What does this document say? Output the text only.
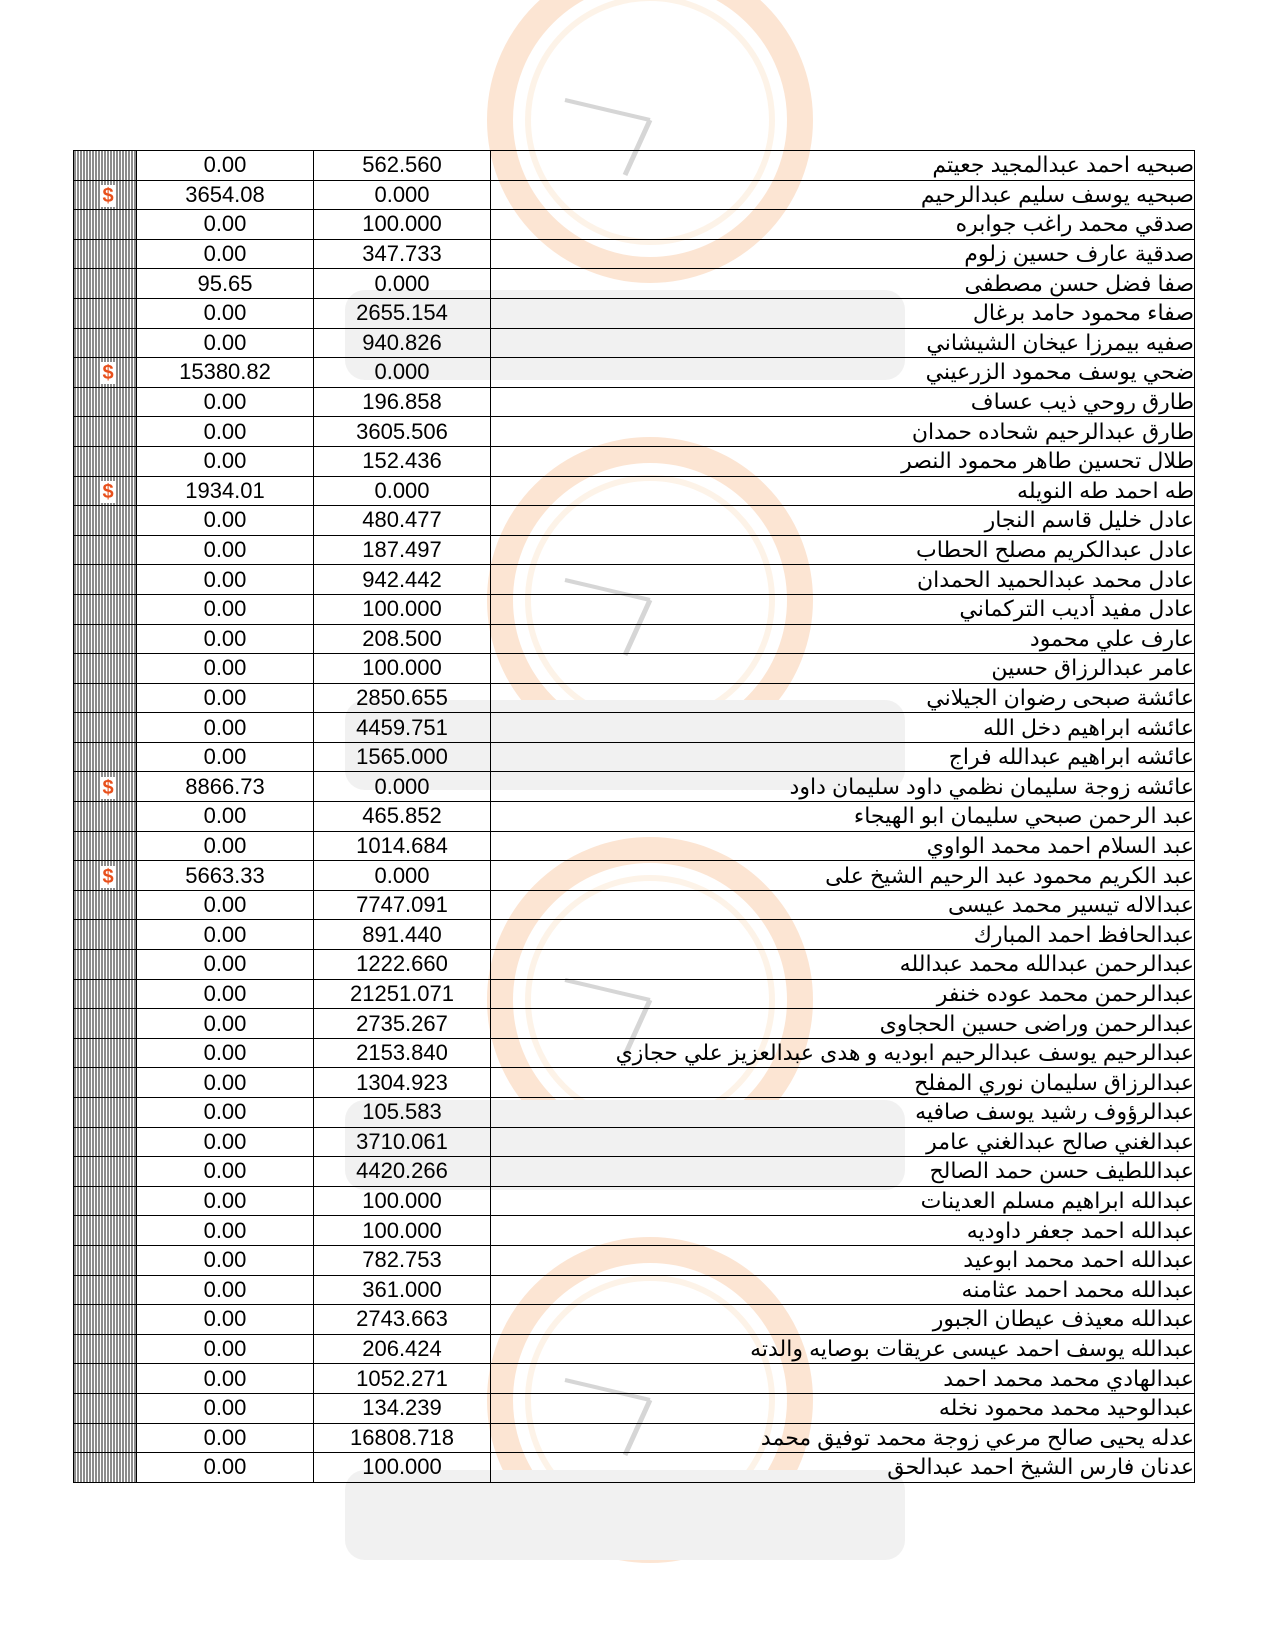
	0.00	562.560	صبحيه احمد عبدالمجيد جعيتم
$	3654.08	0.000	صبحيه يوسف سليم عبدالرحيم
	0.00	100.000	صدقي محمد راغب جوابره
	0.00	347.733	صدقية عارف حسين زلوم
	95.65	0.000	صفا فضل حسن مصطفى
	0.00	2655.154	صفاء محمود حامد برغال
	0.00	940.826	صفيه بيمرزا عيخان الشيشاني
$	15380.82	0.000	ضحي يوسف محمود الزرعيني
	0.00	196.858	طارق روحي ذيب عساف
	0.00	3605.506	طارق عبدالرحيم شحاده حمدان
	0.00	152.436	طلال تحسين طاهر محمود النصر
$	1934.01	0.000	طه احمد طه النويله
	0.00	480.477	عادل خليل قاسم النجار
	0.00	187.497	عادل عبدالكريم مصلح الحطاب
	0.00	942.442	عادل محمد عبدالحميد الحمدان
	0.00	100.000	عادل مفيد أديب التركماني
	0.00	208.500	عارف علي محمود
	0.00	100.000	عامر عبدالرزاق حسين
	0.00	2850.655	عائشة صبحى رضوان الجيلاني
	0.00	4459.751	عائشه ابراهيم دخل الله
	0.00	1565.000	عائشه ابراهيم عبدالله فراج
$	8866.73	0.000	عائشه زوجة سليمان نظمي داود سليمان داود
	0.00	465.852	عبد الرحمن صبحي سليمان ابو الهيجاء
	0.00	1014.684	عبد السلام احمد محمد الواوي
$	5663.33	0.000	عبد الكريم محمود عبد الرحيم الشيخ على
	0.00	7747.091	عبدالاله تيسير محمد عيسى
	0.00	891.440	عبدالحافظ احمد المبارك
	0.00	1222.660	عبدالرحمن عبدالله محمد عبدالله
	0.00	21251.071	عبدالرحمن محمد عوده خنفر
	0.00	2735.267	عبدالرحمن وراضى حسين الحجاوى
	0.00	2153.840	عبدالرحيم يوسف عبدالرحيم ابوديه و هدى عبدالعزيز علي حجازي
	0.00	1304.923	عبدالرزاق سليمان نوري المفلح
	0.00	105.583	عبدالرؤوف رشيد يوسف صافيه
	0.00	3710.061	عبدالغني صالح عبدالغني عامر
	0.00	4420.266	عبداللطيف حسن حمد الصالح
	0.00	100.000	عبدالله ابراهيم مسلم العدينات
	0.00	100.000	عبدالله احمد جعفر داوديه
	0.00	782.753	عبدالله احمد محمد ابوعيد
	0.00	361.000	عبدالله محمد احمد عثامنه
	0.00	2743.663	عبدالله معيذف عيطان الجبور
	0.00	206.424	عبدالله يوسف احمد عيسى عريقات بوصايه والدته
	0.00	1052.271	عبدالهادي محمد محمد احمد
	0.00	134.239	عبدالوحيد محمد محمود نخله
	0.00	16808.718	عدله يحيى صالح مرعي زوجة محمد توفيق محمد
	0.00	100.000	عدنان فارس الشيخ احمد عبدالحق
